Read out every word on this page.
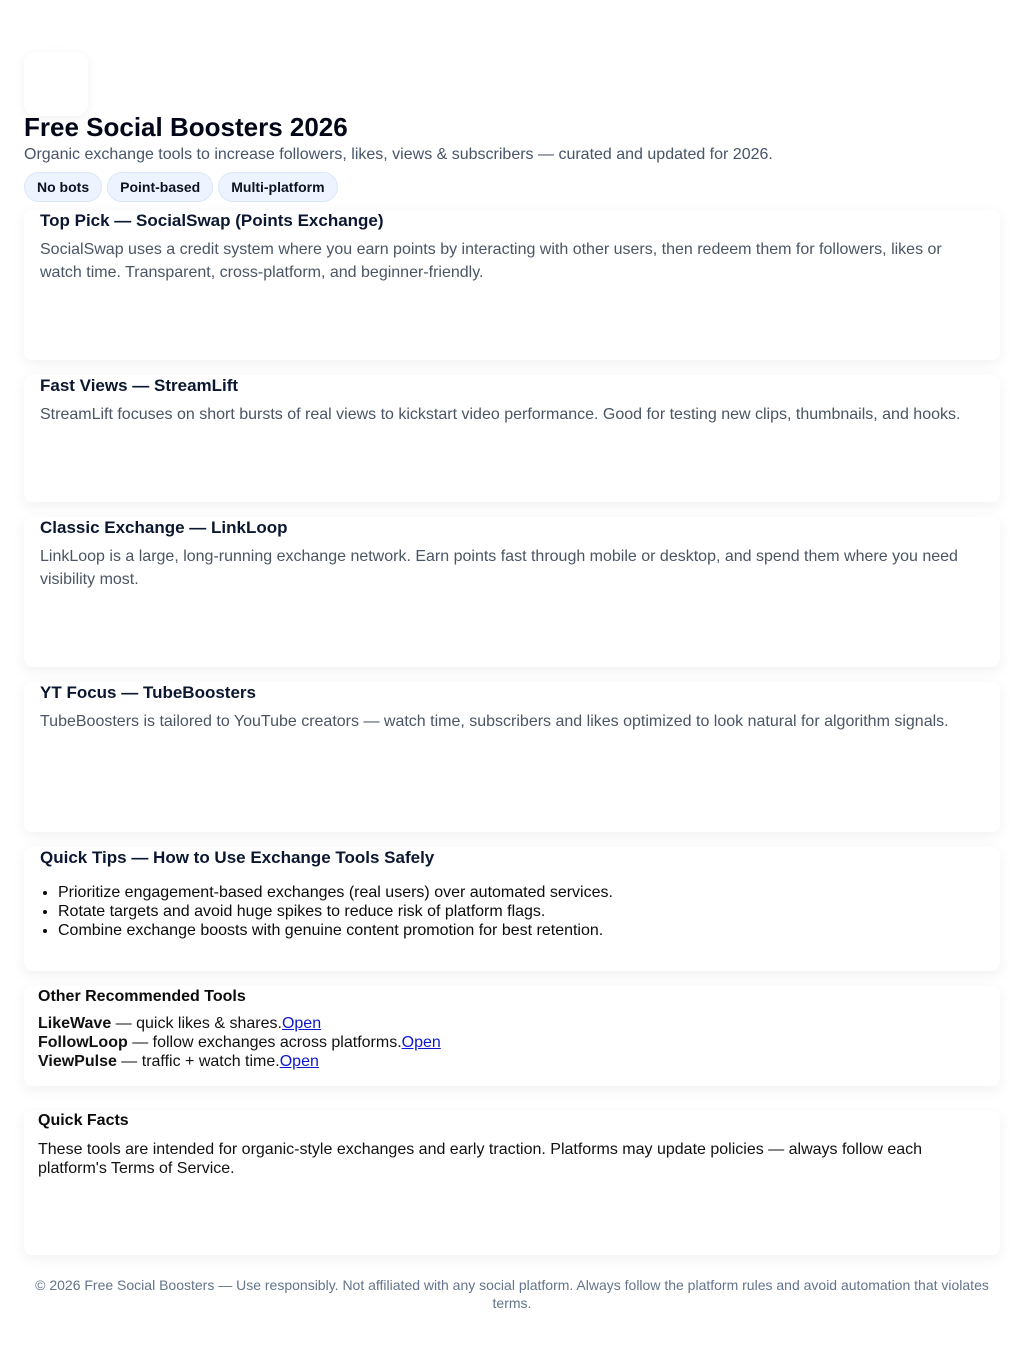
Free Social Boosters 2026

Organic exchange tools to increase followers, likes, views & subscribers — curated and updated for 2026.

No bots	Point-based	Multi-platform
Top Pick — SocialSwap (Points Exchange)

SocialSwap uses a credit system where you earn points by interacting with other users, then redeem them for followers, likes or watch time. Transparent, cross-platform, and beginner-friendly.

Fast Views — StreamLift

StreamLift focuses on short bursts of real views to kickstart video performance. Good for testing new clips, thumbnails, and hooks.

Classic Exchange — LinkLoop

LinkLoop is a large, long-running exchange network. Earn points fast through mobile or desktop, and spend them where you need visibility most.

YT Focus — TubeBoosters

TubeBoosters is tailored to YouTube creators — watch time, subscribers and likes optimized to look natural for algorithm signals.

Quick Tips — How to Use Exchange Tools Safely
• Prioritize engagement-based exchanges (real users) over automated services.
• Rotate targets and avoid huge spikes to reduce risk of platform flags.
• Combine exchange boosts with genuine content promotion for best retention.
Other Recommended Tools
LikeWave — quick likes & shares.Open
FollowLoop — follow exchanges across platforms.Open
ViewPulse — traffic + watch time.Open
Quick Facts

These tools are intended for organic-style exchanges and early traction. Platforms may update policies — always follow each platform's Terms of Service.

© 2026 Free Social Boosters — Use responsibly. Not affiliated with any social platform. Always follow the platform rules and avoid automation that violates terms.
